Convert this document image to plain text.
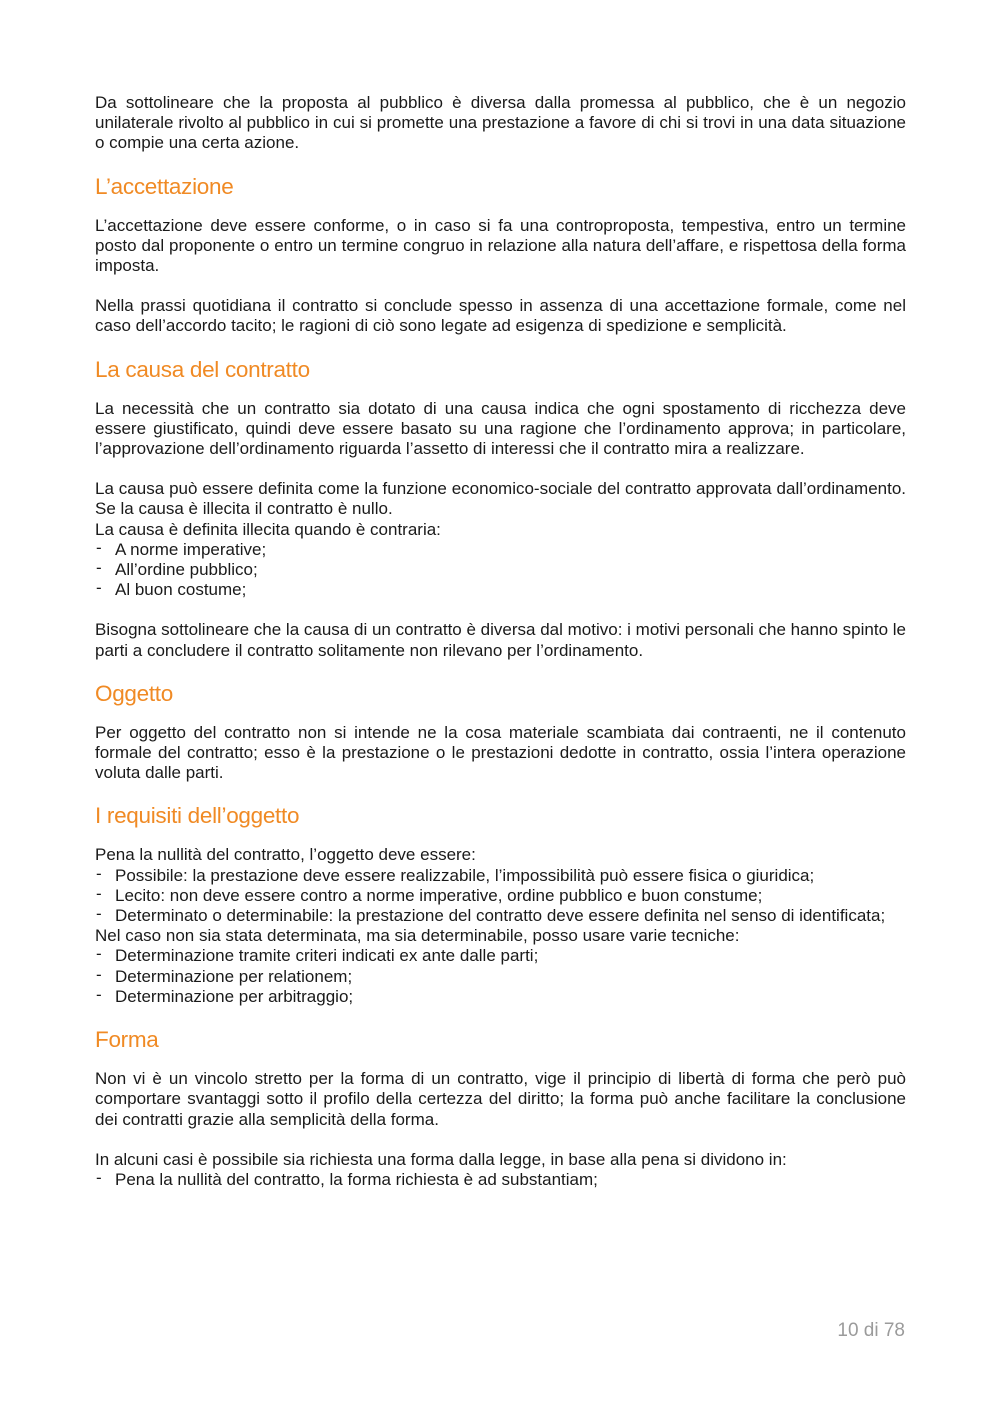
Da sottolineare che la proposta al pubblico è diversa dalla promessa al pubblico, che è un negozio unilaterale rivolto al pubblico in cui si promette una prestazione a favore di chi si trovi in una data situazione o compie una certa azione.

L’accettazione

L’accettazione deve essere conforme, o in caso si fa una controproposta, tempestiva, entro un termine posto dal proponente o entro un termine congruo in relazione alla natura dell’affare, e rispettosa della forma imposta.

Nella prassi quotidiana il contratto si conclude spesso in assenza di una accettazione formale, come nel caso dell’accordo tacito; le ragioni di ciò sono legate ad esigenza di spedizione e semplicità.

La causa del contratto

La necessità che un contratto sia dotato di una causa indica che ogni spostamento di ricchezza deve essere giustificato, quindi deve essere basato su una ragione che l’ordinamento approva; in particolare, l’approvazione dell’ordinamento riguarda l’assetto di interessi che il contratto mira a realizzare.

La causa può essere definita come la funzione economico-sociale del contratto approvata dall’ordinamento. Se la causa è illecita il contratto è nullo.

La causa è definita illecita quando è contraria:

- A norme imperative;
- All’ordine pubblico;
- Al buon costume;

Bisogna sottolineare che la causa di un contratto è diversa dal motivo: i motivi personali che hanno spinto le parti a concludere il contratto solitamente non rilevano per l’ordinamento.

Oggetto

Per oggetto del contratto non si intende ne la cosa materiale scambiata dai contraenti, ne il contenuto formale del contratto; esso è la prestazione o le prestazioni dedotte in contratto, ossia l’intera operazione voluta dalle parti.

I requisiti dell’oggetto

Pena la nullità del contratto, l’oggetto deve essere:

- Possibile: la prestazione deve essere realizzabile, l’impossibilità può essere fisica o giuridica;
- Lecito: non deve essere contro a norme imperative, ordine pubblico e buon constume;
- Determinato o determinabile: la prestazione del contratto deve essere definita nel senso di identificata;

Nel caso non sia stata determinata, ma sia determinabile, posso usare varie tecniche:

- Determinazione tramite criteri indicati ex ante dalle parti;
- Determinazione per relationem;
- Determinazione per arbitraggio;
Forma

Non vi è un vincolo stretto per la forma di un contratto, vige il principio di libertà di forma che però può comportare svantaggi sotto il profilo della certezza del diritto; la forma può anche facilitare la conclusione dei contratti grazie alla semplicità della forma.

In alcuni casi è possibile sia richiesta una forma dalla legge, in base alla pena si dividono in:

- Pena la nullità del contratto, la forma richiesta è ad substantiam;
10 di 78
